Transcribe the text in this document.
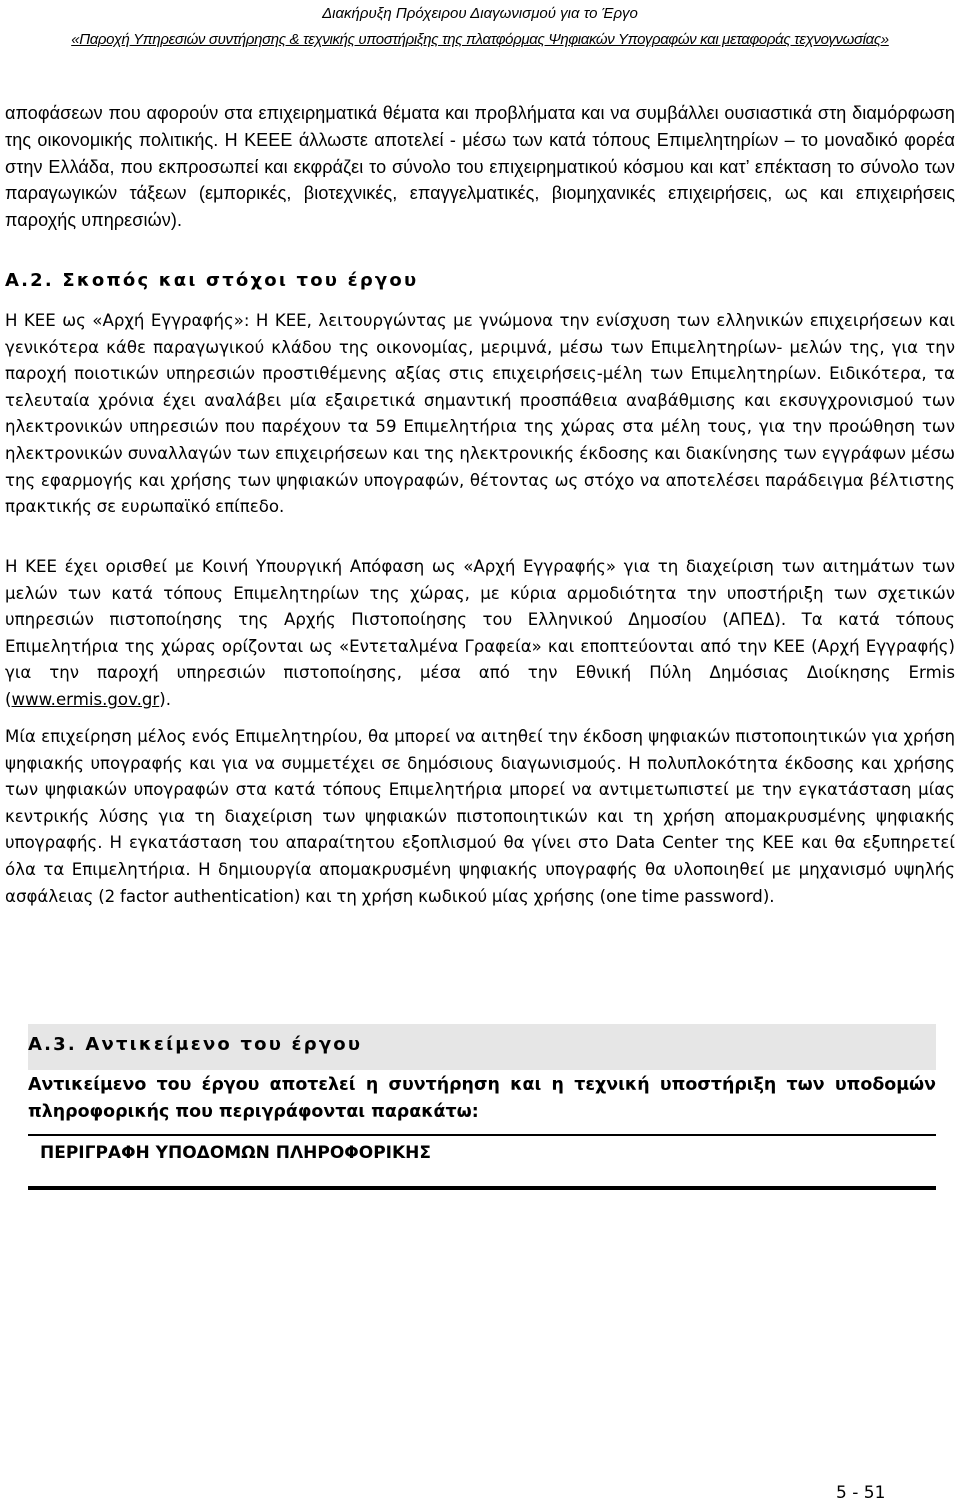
Διακήρυξη Πρόχειρου Διαγωνισμού για το Έργο
«Παροχή Υπηρεσιών συντήρησης & τεχνικής υποστήριξης της πλατφόρμας Ψηφιακών Υπογραφών και μεταφοράς τεχνογνωσίας»

αποφάσεων που αφορούν στα επιχειρηματικά θέματα και προβλήματα και να συμβάλλει ουσιαστικά στη διαμόρφωση της οικονομικής πολιτικής. Η ΚΕΕΕ άλλωστε αποτελεί - μέσω των κατά τόπους Επιμελητηρίων – το μοναδικό φορέα στην Ελλάδα, που εκπροσωπεί και εκφράζει το σύνολο του επιχειρηματικού κόσμου και κατ’ επέκταση το σύνολο των παραγωγικών τάξεων (εμπορικές, βιοτεχνικές, επαγγελματικές, βιομηχανικές επιχειρήσεις, ως και επιχειρήσεις παροχής υπηρεσιών).

Α.2. Σκοπός και στόχοι του έργου

Η ΚΕΕ ως «Αρχή Εγγραφής»: Η ΚΕΕ, λειτουργώντας με γνώμονα την ενίσχυση των ελληνικών επιχειρήσεων και γενικότερα κάθε παραγωγικού κλάδου της οικονομίας, μεριμνά, μέσω των Επιμελητηρίων- μελών της, για την παροχή ποιοτικών υπηρεσιών προστιθέμενης αξίας στις επιχειρήσεις-μέλη των Επιμελητηρίων. Ειδικότερα, τα τελευταία χρόνια έχει αναλάβει μία εξαιρετικά σημαντική προσπάθεια αναβάθμισης και εκσυγχρονισμού των ηλεκτρονικών υπηρεσιών που παρέχουν τα 59 Επιμελητήρια της χώρας στα μέλη τους, για την προώθηση των ηλεκτρονικών συναλλαγών των επιχειρήσεων και της ηλεκτρονικής έκδοσης και διακίνησης των εγγράφων μέσω της εφαρμογής και χρήσης των ψηφιακών υπογραφών, θέτοντας ως στόχο να αποτελέσει παράδειγμα βέλτιστης πρακτικής σε ευρωπαϊκό επίπεδο.

Η ΚΕΕ έχει ορισθεί με Κοινή Υπουργική Απόφαση ως «Αρχή Εγγραφής» για τη διαχείριση των αιτημάτων των μελών των κατά τόπους Επιμελητηρίων της χώρας, με κύρια αρμοδιότητα την υποστήριξη των σχετικών υπηρεσιών πιστοποίησης της Αρχής Πιστοποίησης του Ελληνικού Δημοσίου (ΑΠΕΔ). Τα κατά τόπους Επιμελητήρια της χώρας ορίζονται ως «Εντεταλμένα Γραφεία» και εποπτεύονται από την ΚΕΕ (Αρχή Εγγραφής) για την παροχή υπηρεσιών πιστοποίησης, μέσα από την Εθνική Πύλη Δημόσιας Διοίκησης Ermis (www.ermis.gov.gr).

Μία επιχείρηση μέλος ενός Επιμελητηρίου, θα μπορεί να αιτηθεί την έκδοση ψηφιακών πιστοποιητικών για χρήση ψηφιακής υπογραφής και για να συμμετέχει σε δημόσιους διαγωνισμούς. Η πολυπλοκότητα έκδοσης και χρήσης των ψηφιακών υπογραφών στα κατά τόπους Επιμελητήρια μπορεί να αντιμετωπιστεί με την εγκατάσταση μίας κεντρικής λύσης για τη διαχείριση των ψηφιακών πιστοποιητικών και τη χρήση απομακρυσμένης ψηφιακής υπογραφής. Η εγκατάσταση του απαραίτητου εξοπλισμού θα γίνει στο Data Center της ΚΕΕ και θα εξυπηρετεί όλα τα Επιμελητήρια. Η δημιουργία απομακρυσμένη ψηφιακής υπογραφής θα υλοποιηθεί με μηχανισμό υψηλής ασφάλειας (2 factor authentication) και τη χρήση κωδικού μίας χρήσης (one time password).

Α.3. Αντικείμενο του έργου

Αντικείμενο του έργου αποτελεί η συντήρηση και η τεχνική υποστήριξη των υποδομών πληροφορικής που περιγράφονται παρακάτω:

ΠΕΡΙΓΡΑΦΗ ΥΠΟΔΟΜΩΝ ΠΛΗΡΟΦΟΡΙΚΗΣ
5 - 51
